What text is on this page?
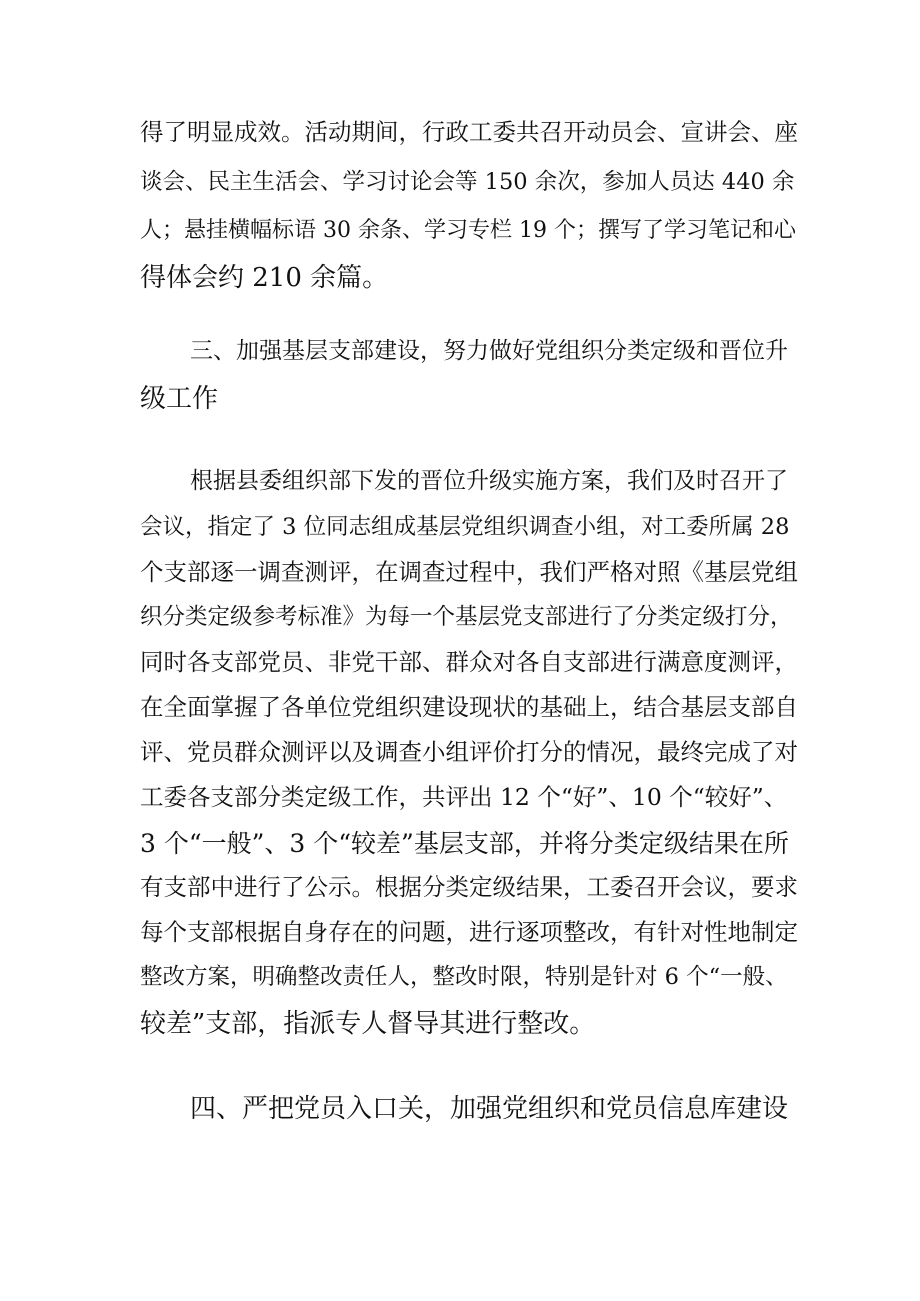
得了明显成效。活动期间，行政工委共召开动员会、宣讲会、座
谈会、民主生活会、学习讨论会等 150 余次，参加人员达 440 余
人；悬挂横幅标语 30 余条、学习专栏 19 个；撰写了学习笔记和心
得体会约 210 余篇。
三、加强基层支部建设，努力做好党组织分类定级和晋位升
级工作
根据县委组织部下发的晋位升级实施方案，我们及时召开了
会议，指定了 3 位同志组成基层党组织调查小组，对工委所属 28
个支部逐一调查测评，在调查过程中，我们严格对照《基层党组
织分类定级参考标准》为每一个基层党支部进行了分类定级打分，
同时各支部党员、非党干部、群众对各自支部进行满意度测评，
在全面掌握了各单位党组织建设现状的基础上，结合基层支部自
评、党员群众测评以及调查小组评价打分的情况，最终完成了对
工委各支部分类定级工作，共评出 12 个“好”、10 个“较好”、
3 个“一般”、3 个“较差”基层支部，并将分类定级结果在所
有支部中进行了公示。根据分类定级结果，工委召开会议，要求
每个支部根据自身存在的问题，进行逐项整改，有针对性地制定
整改方案，明确整改责任人，整改时限，特别是针对 6 个“一般、
较差”支部，指派专人督导其进行整改。
四、严把党员入口关，加强党组织和党员信息库建设
